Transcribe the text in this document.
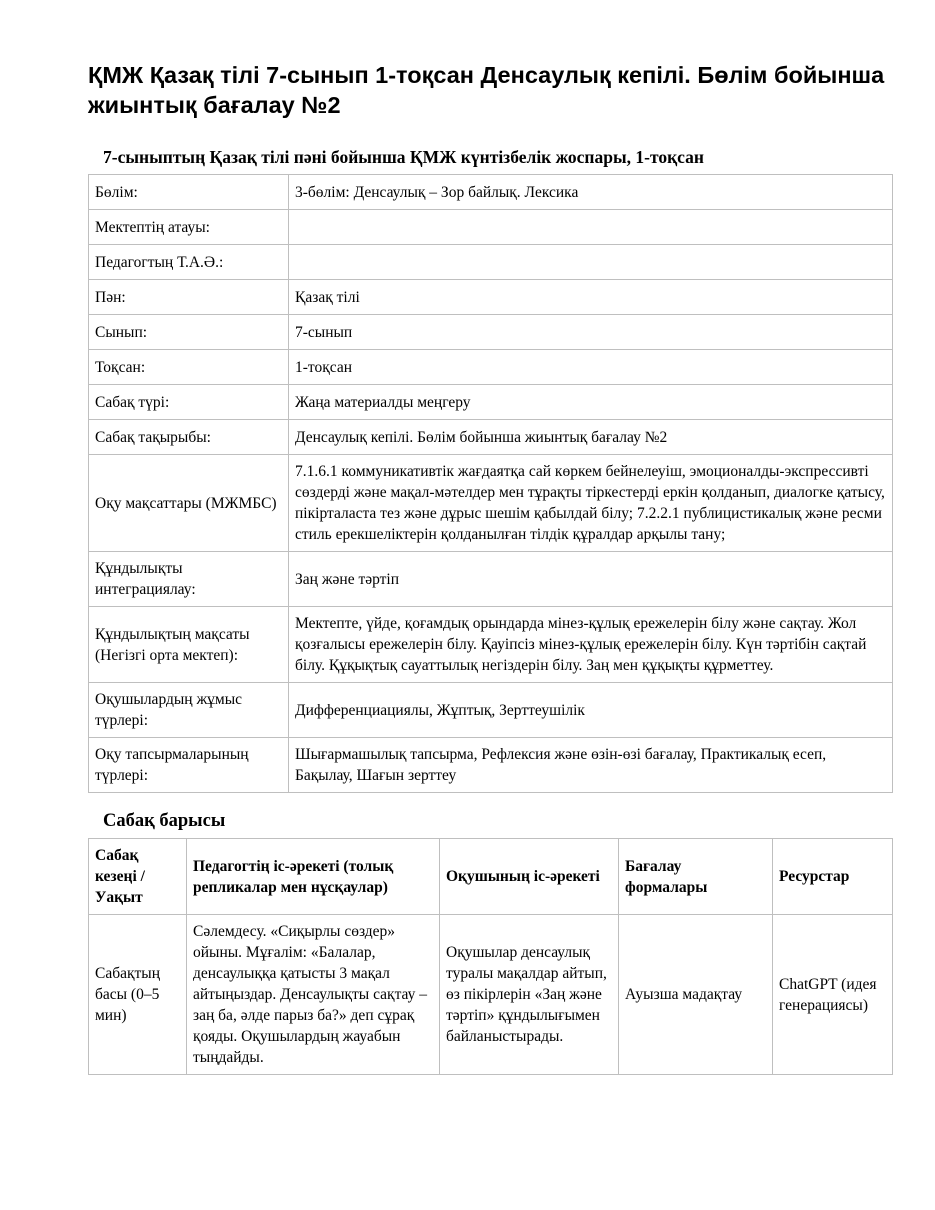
ҚМЖ Қазақ тілі 7-сынып 1-тоқсан Денсаулық кепілі. Бөлім бойынша жиынтық бағалау №2
7-сыныптың Қазақ тілі пәні бойынша ҚМЖ күнтізбелік жоспары, 1-тоқсан
Бөлім:	3-бөлім: Денсаулық – Зор байлық. Лексика
Мектептің атауы:	
Педагогтың Т.А.Ә.:	
Пән:	Қазақ тілі
Сынып:	7-сынып
Тоқсан:	1-тоқсан
Сабақ түрі:	Жаңа материалды меңгеру
Сабақ тақырыбы:	Денсаулық кепілі. Бөлім бойынша жиынтық бағалау №2
Оқу мақсаттары (МЖМБС)	7.1.6.1 коммуникативтік жағдаятқа сай көркем бейнелеуіш, эмоционалды-экспрессивті сөздерді және мақал-мәтелдер мен тұрақты тіркестерді еркін қолданып, диалогке қатысу, пікірталаста тез және дұрыс шешім қабылдай білу; 7.2.2.1 публицистикалық және ресми стиль ерекшеліктерін қолданылған тілдік құралдар арқылы тану;
Құндылықты интеграциялау:	Заң және тәртіп
Құндылықтың мақсаты (Негізгі орта мектеп):	Мектепте, үйде, қоғамдық орындарда мінез-құлық ережелерін білу және сақтау. Жол қозғалысы ережелерін білу. Қауіпсіз мінез-құлық ережелерін білу. Күн тәртібін сақтай білу. Құқықтық сауаттылық негіздерін білу. Заң мен құқықты құрметтеу.
Оқушылардың жұмыс түрлері:	Дифференциациялы, Жұптық, Зерттеушілік
Оқу тапсырмаларының түрлері:	Шығармашылық тапсырма, Рефлексия және өзін-өзі бағалау, Практикалық есеп, Бақылау, Шағын зерттеу
Сабақ барысы
Сабақ кезеңі / Уақыт	Педагогтің іс-әрекеті (толық репликалар мен нұсқаулар)	Оқушының іс-әрекеті	Бағалау формалары	Ресурстар
Сабақтың басы (0–5 мин)	Сәлемдесу. «Сиқырлы сөздер» ойыны. Мұғалім: «Балалар, денсаулыққа қатысты 3 мақал айтыңыздар. Денсаулықты сақтау – заң ба, әлде парыз ба?» деп сұрақ қояды. Оқушылардың жауабын тыңдайды.	Оқушылар денсаулық туралы мақалдар айтып, өз пікірлерін «Заң және тәртіп» құндылығымен байланыстырады.	Ауызша мадақтау	ChatGPT (идея генерациясы)
